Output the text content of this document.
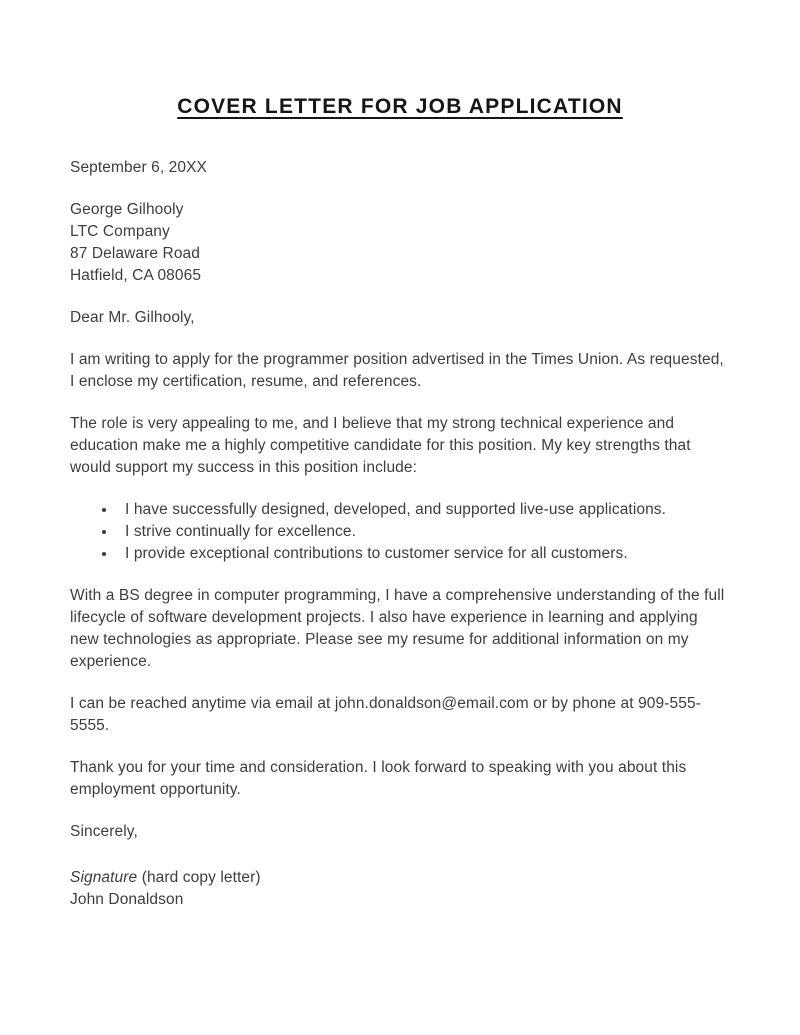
COVER LETTER FOR JOB APPLICATION

September 6, 20XX

George Gilhooly

LTC Company

87 Delaware Road

Hatfield, CA 08065

Dear Mr. Gilhooly,

I am writing to apply for the programmer position advertised in the Times Union. As requested, I enclose my certification, resume, and references.

The role is very appealing to me, and I believe that my strong technical experience and education make me a highly competitive candidate for this position. My key strengths that would support my success in this position include:

• I have successfully designed, developed, and supported live-use applications.
• I strive continually for excellence.
• I provide exceptional contributions to customer service for all customers.

With a BS degree in computer programming, I have a comprehensive understanding of the full lifecycle of software development projects. I also have experience in learning and applying new technologies as appropriate. Please see my resume for additional information on my experience.

I can be reached anytime via email at john.donaldson@email.com or by phone at 909-555-5555.

Thank you for your time and consideration. I look forward to speaking with you about this employment opportunity.

Sincerely,

Signature (hard copy letter)

John Donaldson
